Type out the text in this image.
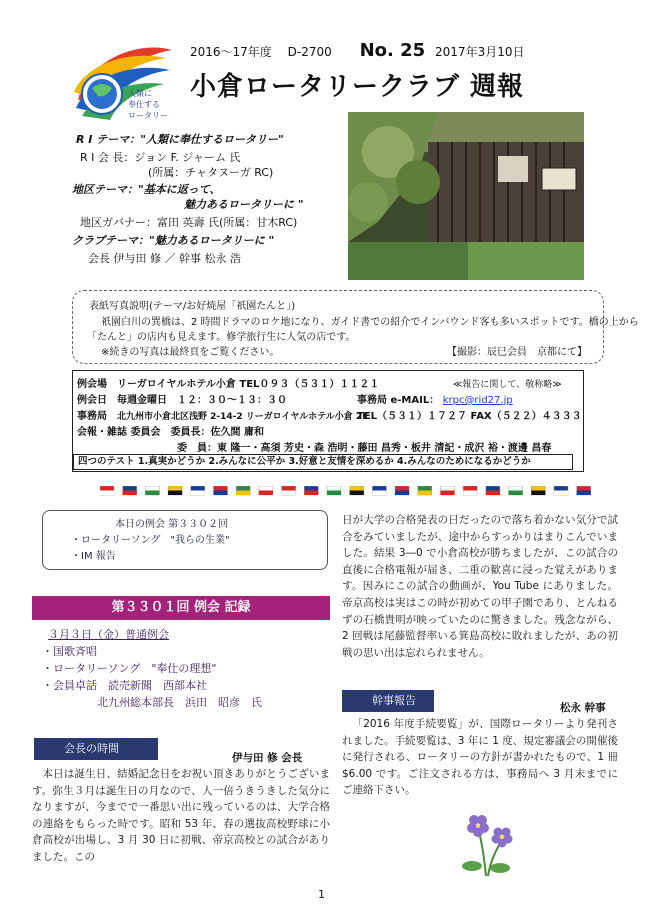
人類に
奉仕する
ロータリー
2016～17年度 D-2700 No. 25 2017年3月10日
小倉ロータリークラブ 週報
R I テーマ："人類に奉仕するロータリー"
R I 会 長：ジョン F. ジャーム 氏
(所属：チャタヌーガ RC)
地区テーマ："基本に返って、
魅力あるロータリーに "
地区ガバナー：富田 英壽 氏(所属：甘木RC)
クラブテーマ："魅力あるロータリーに "
会長 伊与田 修 ／ 幹事 松永 浩
表紙写真説明(テーマ/お好焼屋「祇園たんと」)
祇園白川の巽橋は、2 時間ドラマのロケ地になり、ガイド書での紹介でインバウンド客も多いスポットです。橋の上から
「たんと」の店内も見えます。修学旅行生に人気の店です。
※続きの写真は最終頁をご覧ください。	【撮影：辰巳会員　京都にて】
例会場　 リーガロイヤルホテル小倉 TEL０９３（５３１）１１２１	≪報告に関して、敬称略≫
例会日　 毎週金曜日　１２：３０～１３：３０	事務局 e-MAIL： krpc@rid27.jp
事務局　 北九州市小倉北区浅野 2-14-2 リーガロイヤルホテル小倉 2F
TEL（５３１）１７２７ FAX（５２２）４３３３
会報・雑誌 委員会　 委員長：佐久間 庸和
委　員：東 隆一・高須 芳史・森 浩明・藤田 昌秀・板井 清記・成沢 裕・渡邊 昌春
四つのテスト 1.真実かどうか 2.みんなに公平か 3.好意と友情を深めるか 4.みんなのためになるかどうか
本日の例会 第３３０２回
・ロータリーソング　"我らの生業"
・IM 報告
第３３０１回 例会 記録
３月３日（金）普通例会
・国歌斉唱
・ロータリーソング　"奉仕の理想"
・会員卓話　読売新聞　西部本社
　　　　　北九州総本部長　浜田　昭彦　氏
会長の時間
伊与田 修 会長
本日は誕生日、結婚記念日をお祝い頂きありがとうございます。弥生３月は誕生日の月なので、人一倍うきうきした気分になりますが、今までで一番思い出に残っているのは、大学合格の連絡をもらった時です。昭和 53 年、春の選抜高校野球に小倉高校が出場し、3 月 30 日に初戦、帝京高校との試合がありました。この
日が大学の合格発表の日だったので落ち着かない気分で試合をみていましたが、途中からすっかりはまりこんでいました。結果 3―0 で小倉高校が勝ちましたが、この試合の直後に合格電報が届き、二重の歓喜に浸った覚えがあります。因みにこの試合の動画が、You Tube にありました。帝京高校は実はこの時が初めての甲子園であり、とんねるずの石橋貴明が映っていたのに驚きました。残念ながら、2 回戦は尾藤監督率いる箕島高校に敗れましたが、あの初戦の思い出は忘れられません。
幹事報告
松永 幹事
「2016 年度手続要覧」が、国際ロータリーより発刊されました。手続要覧は、3 年に 1 度、規定審議会の開催後に発行される、ロータリーの方針が書かれたもので、1 冊$6.00 です。ご注文される方は、事務局へ 3 月末までにご連絡下さい。
1
